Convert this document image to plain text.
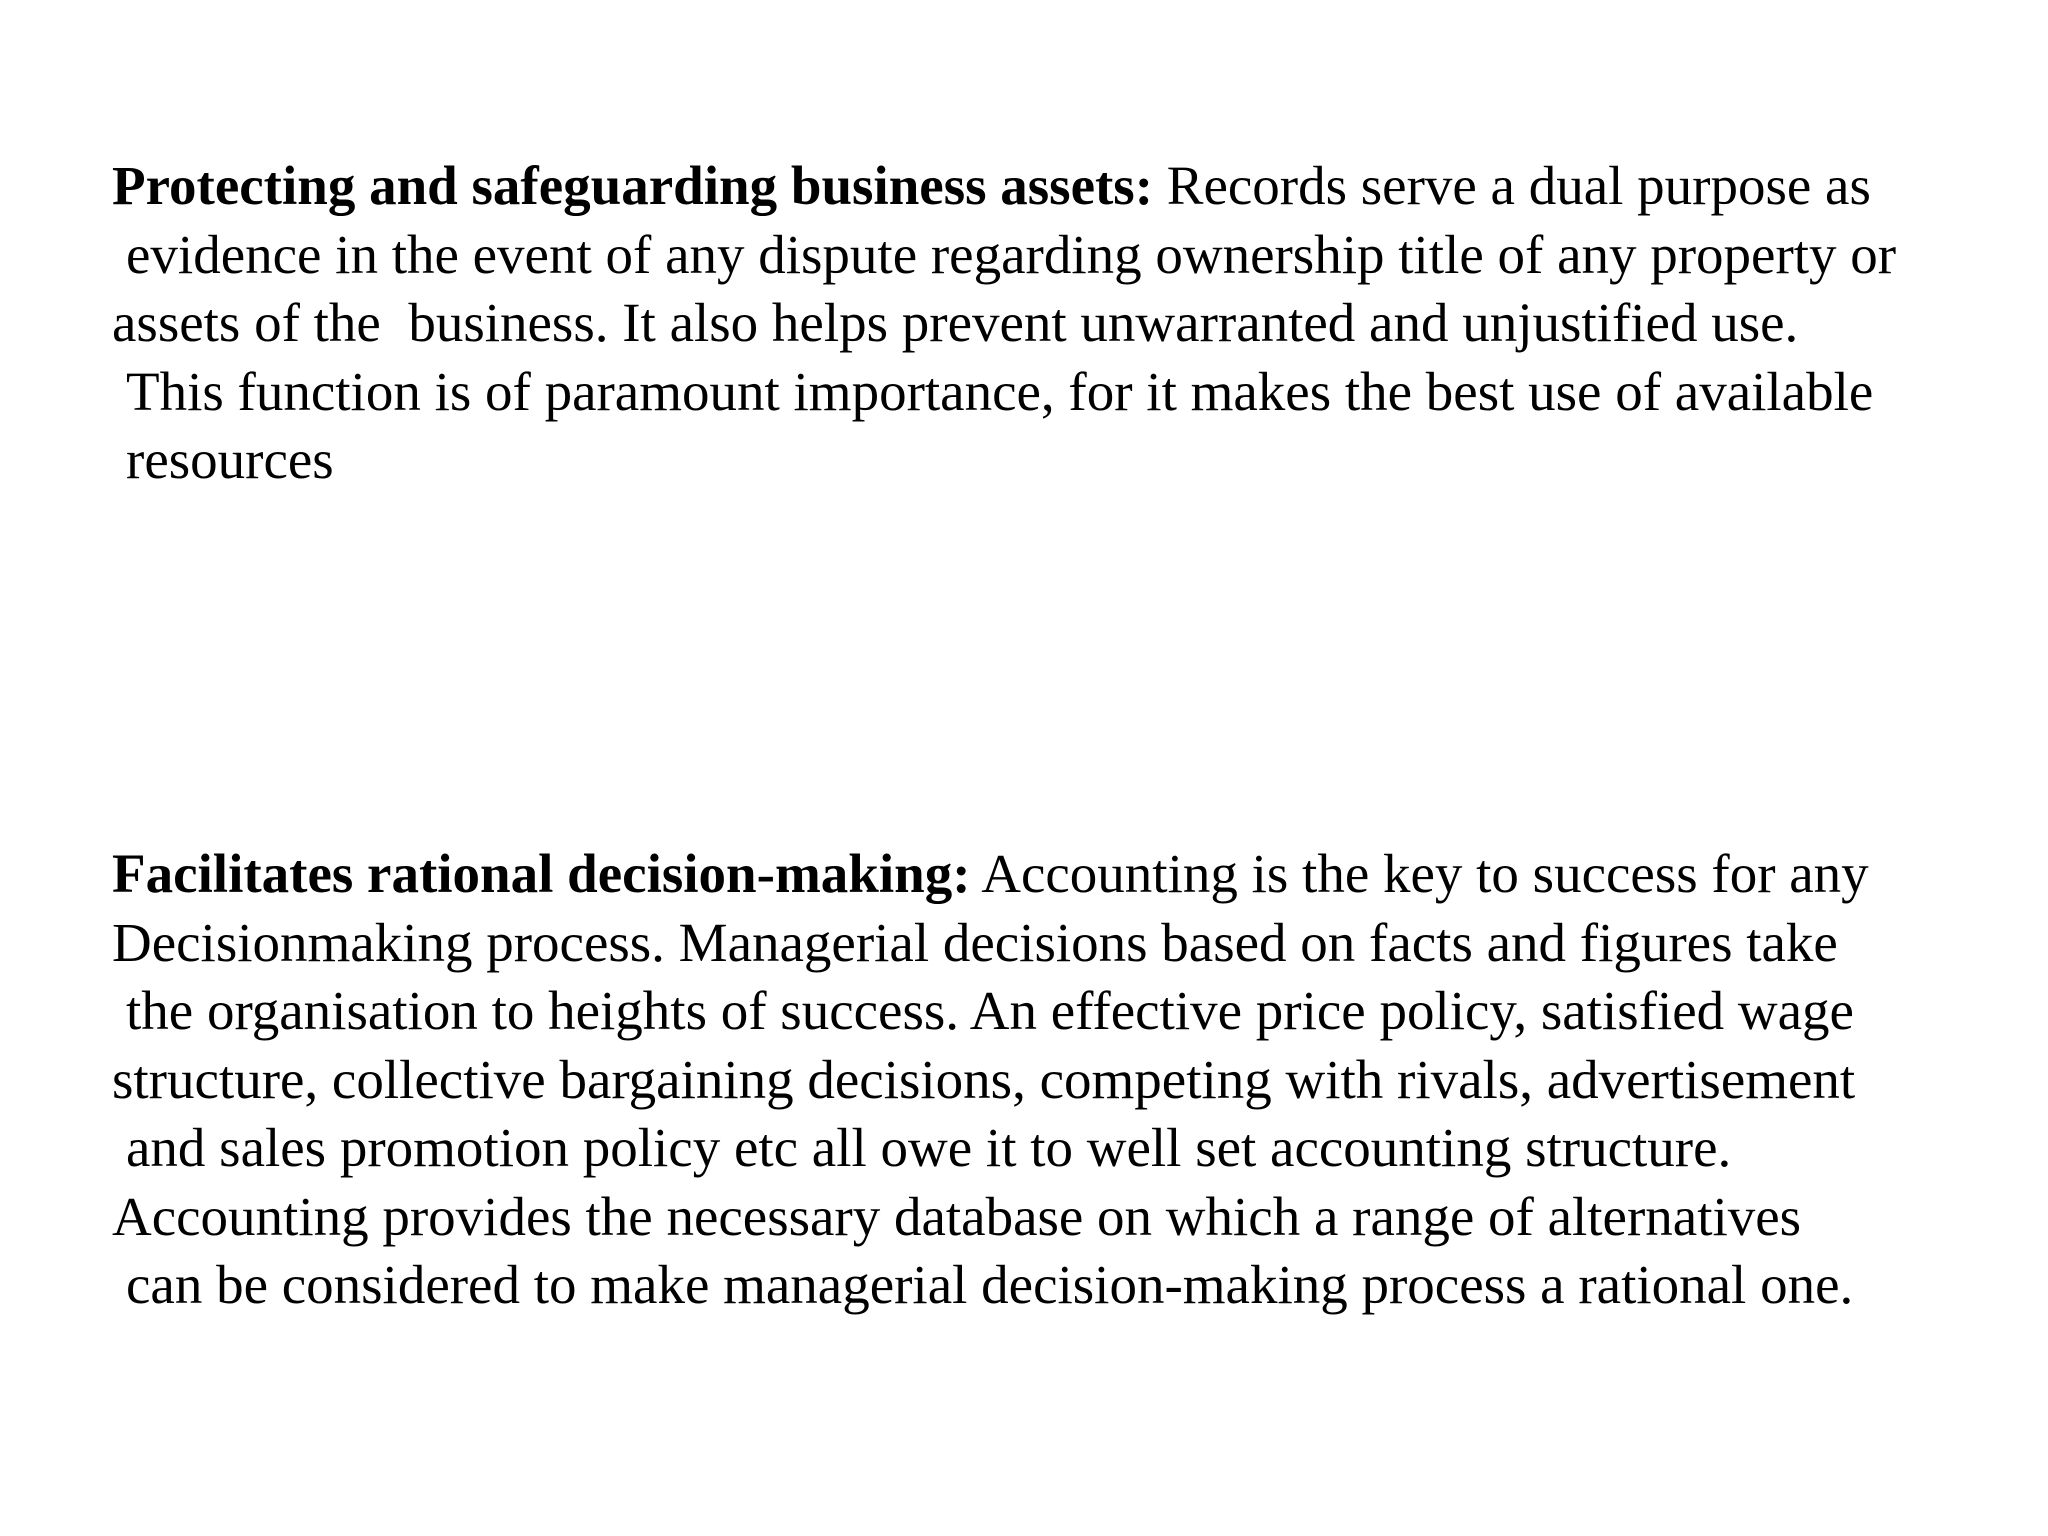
Protecting and safeguarding business assets: Records serve a dual purpose as
evidence in the event of any dispute regarding ownership title of any property or
assets of the  business. It also helps prevent unwarranted and unjustified use.
This function is of paramount importance, for it makes the best use of available
resources

Facilitates rational decision-making: Accounting is the key to success for any
Decisionmaking process. Managerial decisions based on facts and figures take
the organisation to heights of success. An effective price policy, satisfied wage
structure, collective bargaining decisions, competing with rivals, advertisement
and sales promotion policy etc all owe it to well set accounting structure.
Accounting provides the necessary database on which a range of alternatives
can be considered to make managerial decision-making process a rational one.
